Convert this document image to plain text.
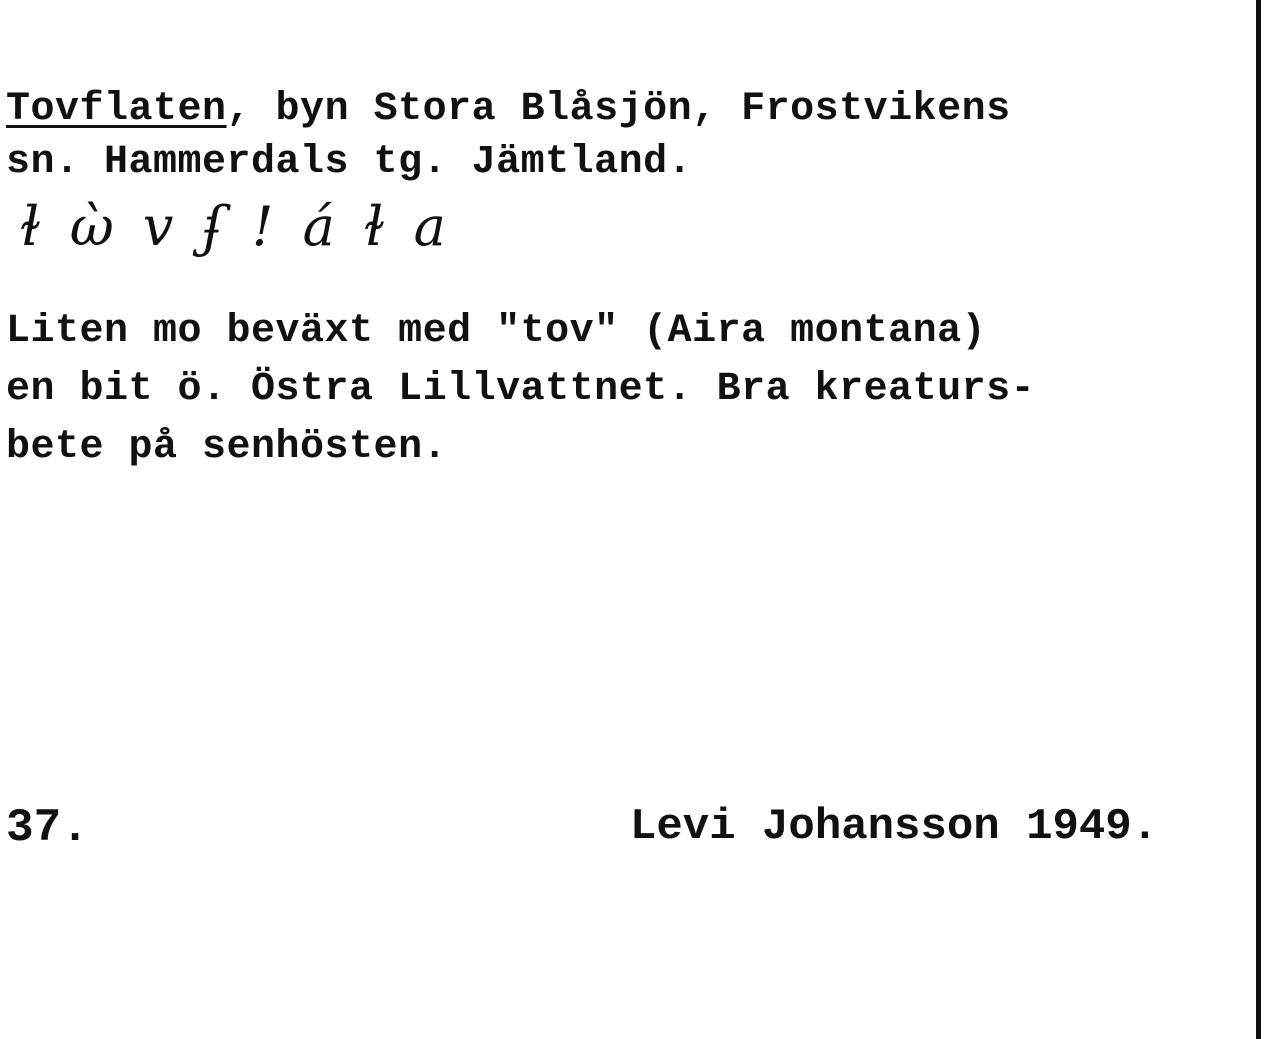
Tovflaten, byn Stora Blåsjön, Frostvikens
sn. Hammerdals tg. Jämtland.
ɫ ὼ v ʄ ! á ɫ a
Liten mo beväxt med "tov" (Aira montana)
en bit ö. Östra Lillvattnet. Bra kreaturs-
bete på senhösten.
37.	Levi Johansson 1949.
